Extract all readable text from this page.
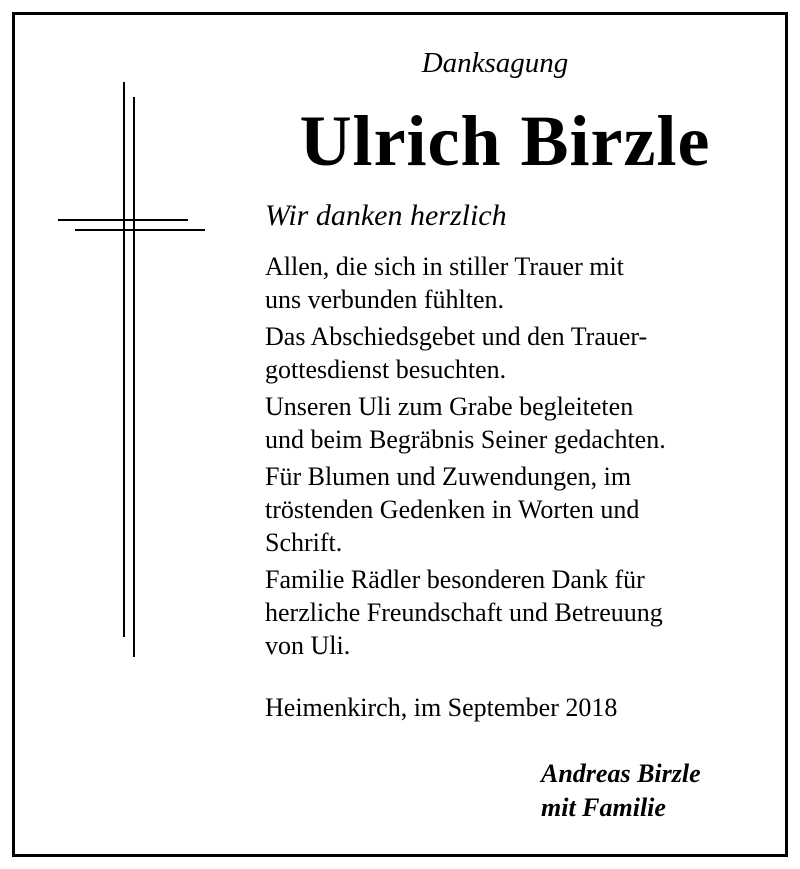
Danksagung
Ulrich Birzle
Wir danken herzlich
Allen, die sich in stiller Trauer mit
uns verbunden fühlten.
Das Abschiedsgebet und den Trauer-
gottesdienst besuchten.
Unseren Uli zum Grabe begleiteten
und beim Begräbnis Seiner gedachten.
Für Blumen und Zuwendungen, im
tröstenden Gedenken in Worten und
Schrift.
Familie Rädler besonderen Dank für
herzliche Freundschaft und Betreuung
von Uli.
Heimenkirch, im September 2018
Andreas Birzle
mit Familie
